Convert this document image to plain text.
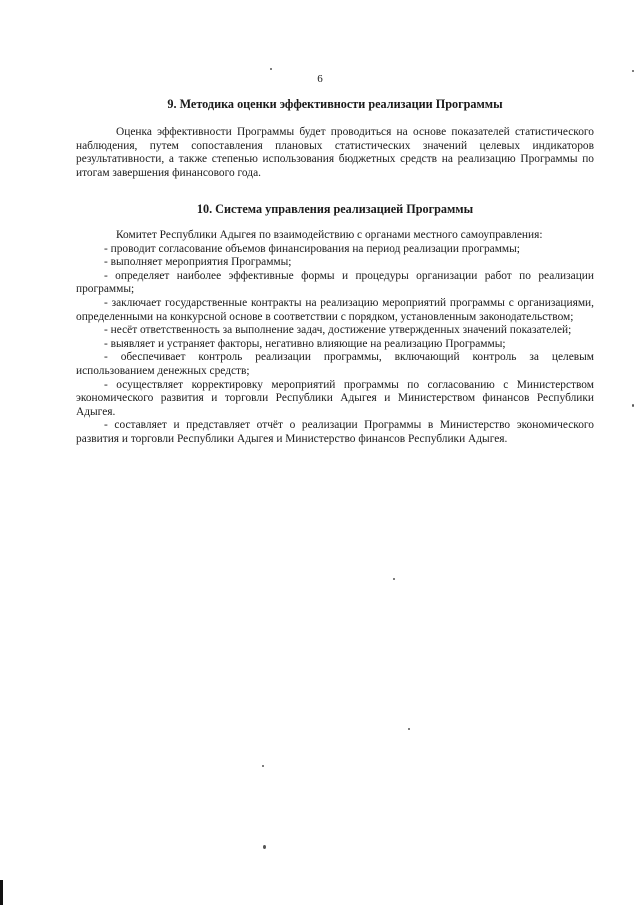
6
9. Методика оценки эффективности реализации Программы
Оценка эффективности Программы будет проводиться на основе показателей статистического наблюдения, путем сопоставления плановых статистических значений целевых индикаторов результативности, а также степенью использования бюджетных средств на реализацию Программы по итогам завершения финансового года.
10. Система управления реализацией Программы
Комитет Республики Адыгея по взаимодействию с органами местного самоуправления:
- проводит согласование объемов финансирования на период реализации программы;
- выполняет мероприятия Программы;
- определяет наиболее эффективные формы и процедуры организации работ по реализации программы;
- заключает государственные контракты на реализацию мероприятий программы с организациями, определенными на конкурсной основе в соответствии с порядком, установленным законодательством;
- несёт ответственность за выполнение задач, достижение утвержденных значений показателей;
- выявляет и устраняет факторы, негативно влияющие на реализацию Программы;
- обеспечивает контроль реализации программы, включающий контроль за целевым использованием денежных средств;
- осуществляет корректировку мероприятий программы по согласованию с Министерством экономического развития и торговли Республики Адыгея и Министерством финансов Республики Адыгея.
- составляет и представляет отчёт о реализации Программы в Министерство экономического развития и торговли Республики Адыгея и Министерство финансов Республики Адыгея.
